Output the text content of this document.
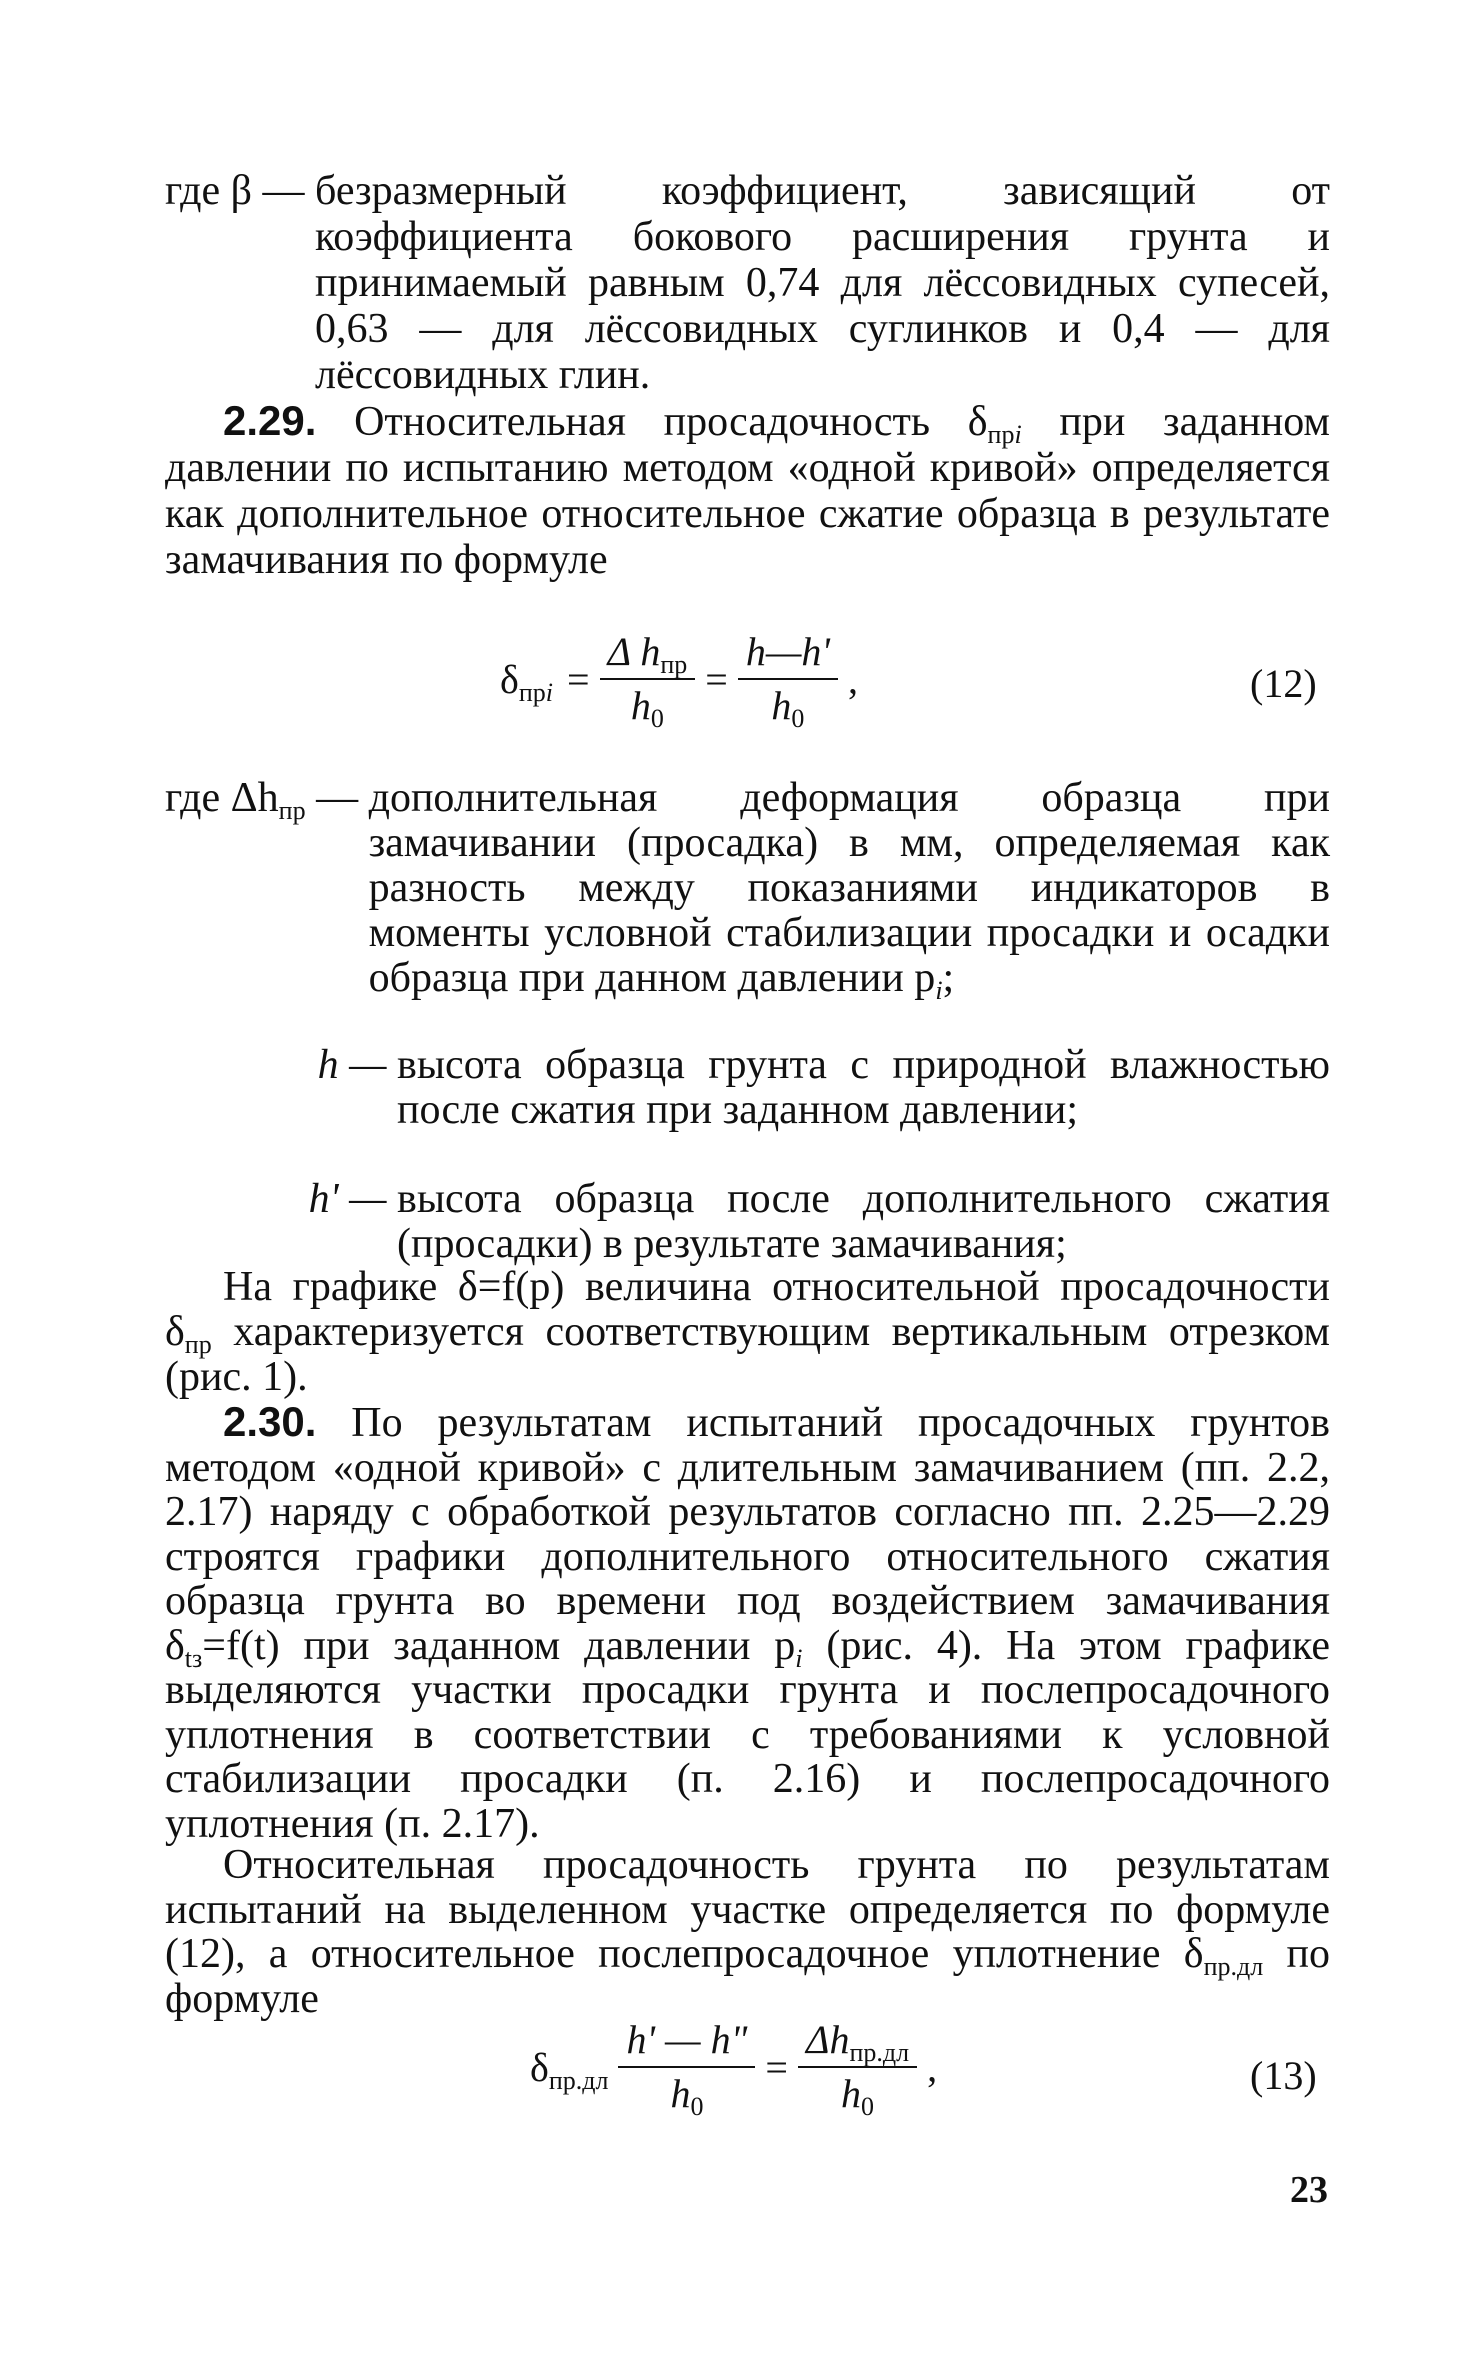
где β — безразмерный коэффициент, зависящий от коэффициента бокового расширения грунта и принимаемый равным 0,74 для лёссовидных супесей, 0,63 — для лёссовидных суглинков и 0,4 — для лёссовидных глин.

2.29. Относительная просадочность $\delta_{прi}$ при заданном давлении по испытанию методом «одной кривой» определяется как дополнительное относительное сжатие образца в результате замачивания по формуле

$\delta_{прi} = \frac{\Delta h_{пр}}{h_0} = \frac{h—h'}{h_0}$ ,	(12)
где $\Delta h_{пр}$ — дополнительная деформация образца при замачивании (просадка) в мм, определяемая как разность между показаниями индикаторов в моменты условной стабилизации просадки и осадки образца при данном давлении $p_i$;
h — высота образца грунта с природной влажностью после сжатия при заданном давлении;
h' — высота образца после дополнительного сжатия (просадки) в результате замачивания;

На графике δ=f(p) величина относительной просадочности $\delta_{пр}$ характеризуется соответствующим вертикальным отрезком (рис. 1).

2.30. По результатам испытаний просадочных грунтов методом «одной кривой» с длительным замачиванием (пп. 2.2, 2.17) наряду с обработкой результатов согласно пп. 2.25—2.29 строятся графики дополнительного относительного сжатия образца грунта во времени под воздействием замачивания $\delta_{tз}=f(t)$ при заданном давлении $p_i$ (рис. 4). На этом графике выделяются участки просадки грунта и послепросадочного уплотнения в соответствии с требованиями к условной стабилизации просадки (п. 2.16) и послепросадочного уплотнения (п. 2.17).

Относительная просадочность грунта по результатам испытаний на выделенном участке определяется по формуле (12), а относительное послепросадочное уплотнение $\delta_{пр.дл}$ по формуле

$\delta_{пр.дл} \frac{h' — h"}{h_0} = \frac{\Delta h_{пр.дл}}{h_0}$ ,	(13)
23
